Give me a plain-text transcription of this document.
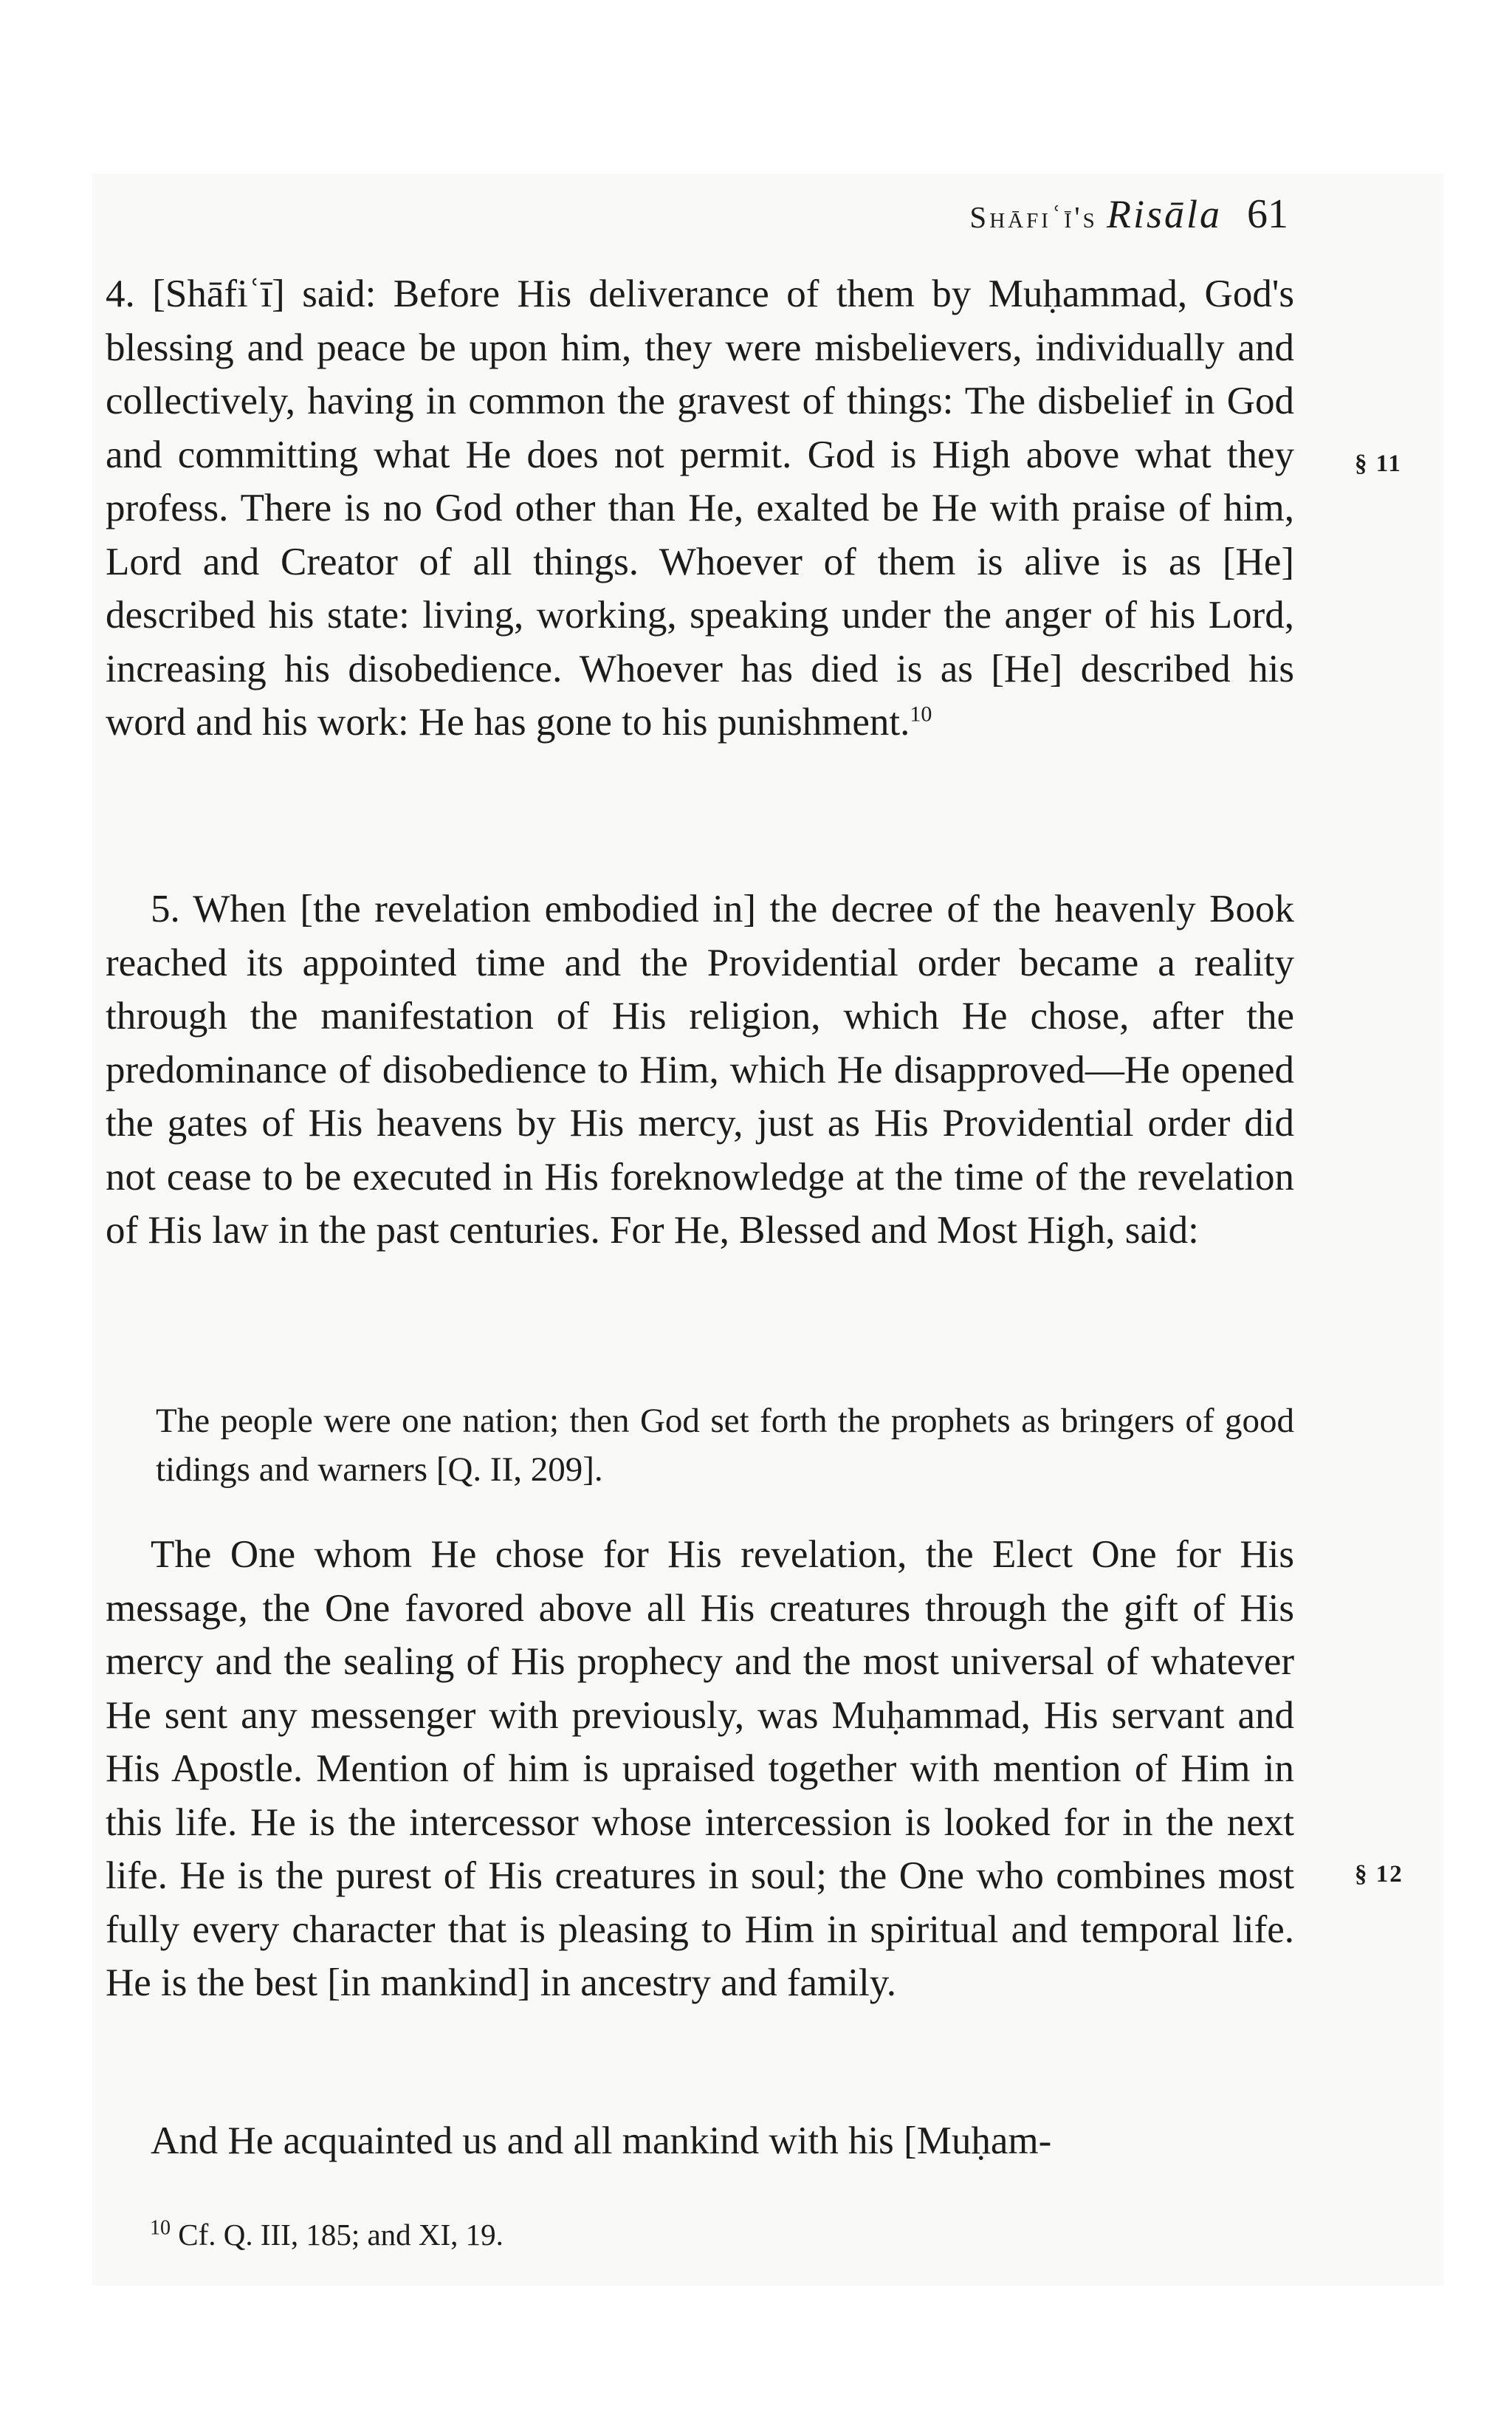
Shāfiʿī's Risāla 61

4. [Shāfiʿī] said: Before His deliverance of them by Muḥammad, God's blessing and peace be upon him, they were misbelievers, individually and collectively, having in common the gravest of things: The disbelief in God and committing what He does not permit. God is High above what they profess. There is no God other than He, exalted be He with praise of him, Lord and Creator of all things. Whoever of them is alive is as [He] described his state: living, working, speaking under the anger of his Lord, increasing his disobedience. Whoever has died is as [He] described his word and his work: He has gone to his punishment.$^{10}$

5. When [the revelation embodied in] the decree of the heavenly Book reached its appointed time and the Providential order became a reality through the manifestation of His religion, which He chose, after the predominance of disobedience to Him, which He disapproved—He opened the gates of His heavens by His mercy, just as His Providential order did not cease to be executed in His foreknowledge at the time of the revelation of His law in the past centuries. For He, Blessed and Most High, said:

The people were one nation; then God set forth the prophets as bringers of good tidings and warners [Q. II, 209].

The One whom He chose for His revelation, the Elect One for His message, the One favored above all His creatures through the gift of His mercy and the sealing of His prophecy and the most universal of whatever He sent any messenger with previously, was Muḥammad, His servant and His Apostle. Mention of him is upraised together with mention of Him in this life. He is the intercessor whose intercession is looked for in the next life. He is the purest of His creatures in soul; the One who combines most fully every character that is pleasing to Him in spiritual and temporal life. He is the best [in mankind] in ancestry and family.

And He acquainted us and all mankind with his [Muḥam-

§ 11
§ 12

$^{10}$ Cf. Q. III, 185; and XI, 19.
